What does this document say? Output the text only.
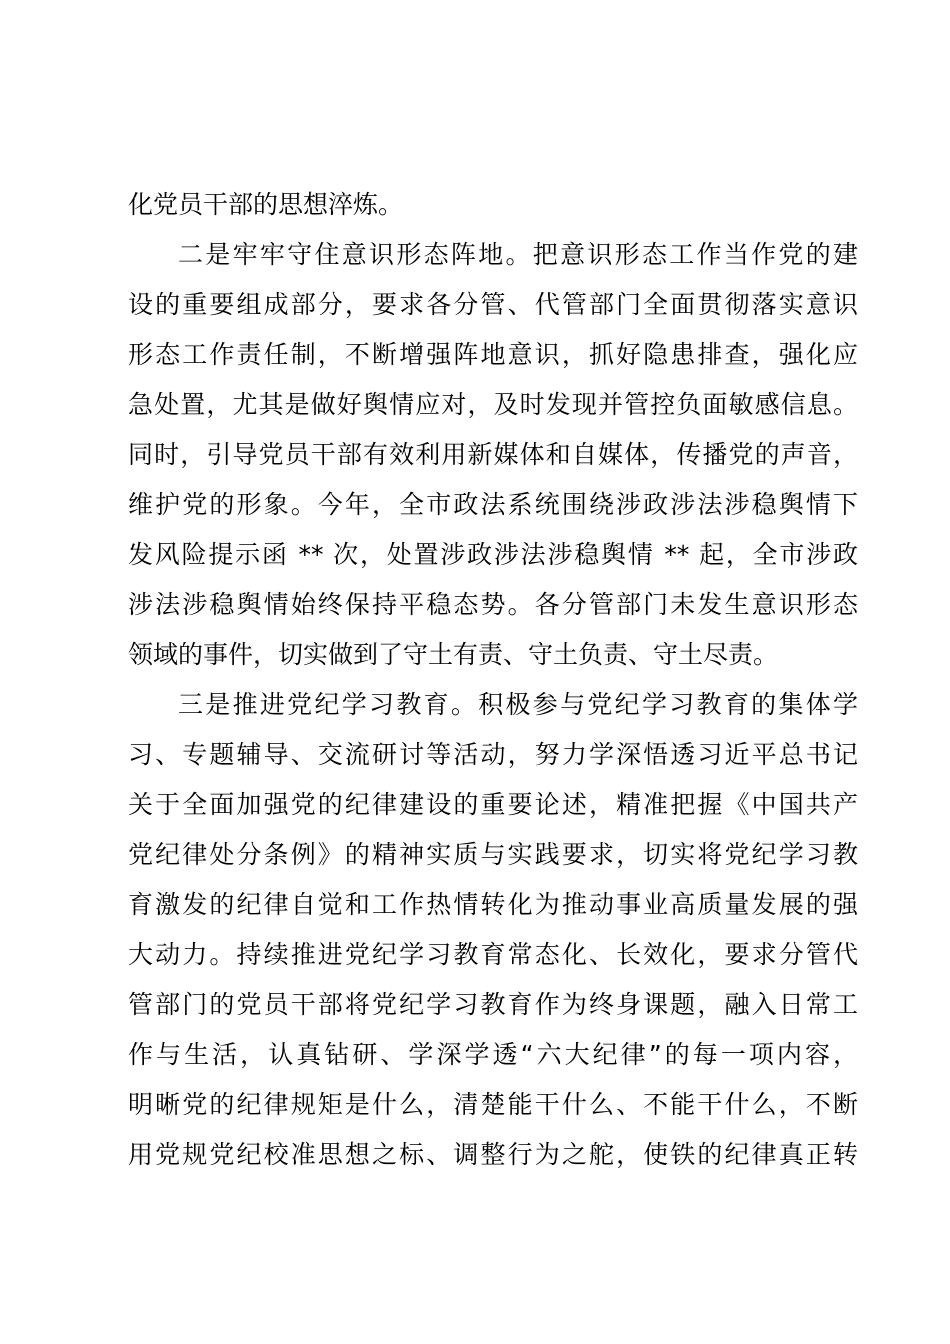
化党员干部的思想淬炼。
二是牢牢守住意识形态阵地。把意识形态工作当作党的建
设的重要组成部分，要求各分管、代管部门全面贯彻落实意识
形态工作责任制，不断增强阵地意识，抓好隐患排查，强化应
急处置，尤其是做好舆情应对，及时发现并管控负面敏感信息。
同时，引导党员干部有效利用新媒体和自媒体，传播党的声音，
维护党的形象。今年，全市政法系统围绕涉政涉法涉稳舆情下
发风险提示函 ** 次，处置涉政涉法涉稳舆情 ** 起，全市涉政
涉法涉稳舆情始终保持平稳态势。各分管部门未发生意识形态
领域的事件，切实做到了守土有责、守土负责、守土尽责。
三是推进党纪学习教育。积极参与党纪学习教育的集体学
习、专题辅导、交流研讨等活动，努力学深悟透习近平总书记
关于全面加强党的纪律建设的重要论述，精准把握《中国共产
党纪律处分条例》的精神实质与实践要求，切实将党纪学习教
育激发的纪律自觉和工作热情转化为推动事业高质量发展的强
大动力。持续推进党纪学习教育常态化、长效化，要求分管代
管部门的党员干部将党纪学习教育作为终身课题，融入日常工
作与生活，认真钻研、学深学透“六大纪律”的每一项内容，
明晰党的纪律规矩是什么，清楚能干什么、不能干什么，不断
用党规党纪校准思想之标、调整行为之舵，使铁的纪律真正转
